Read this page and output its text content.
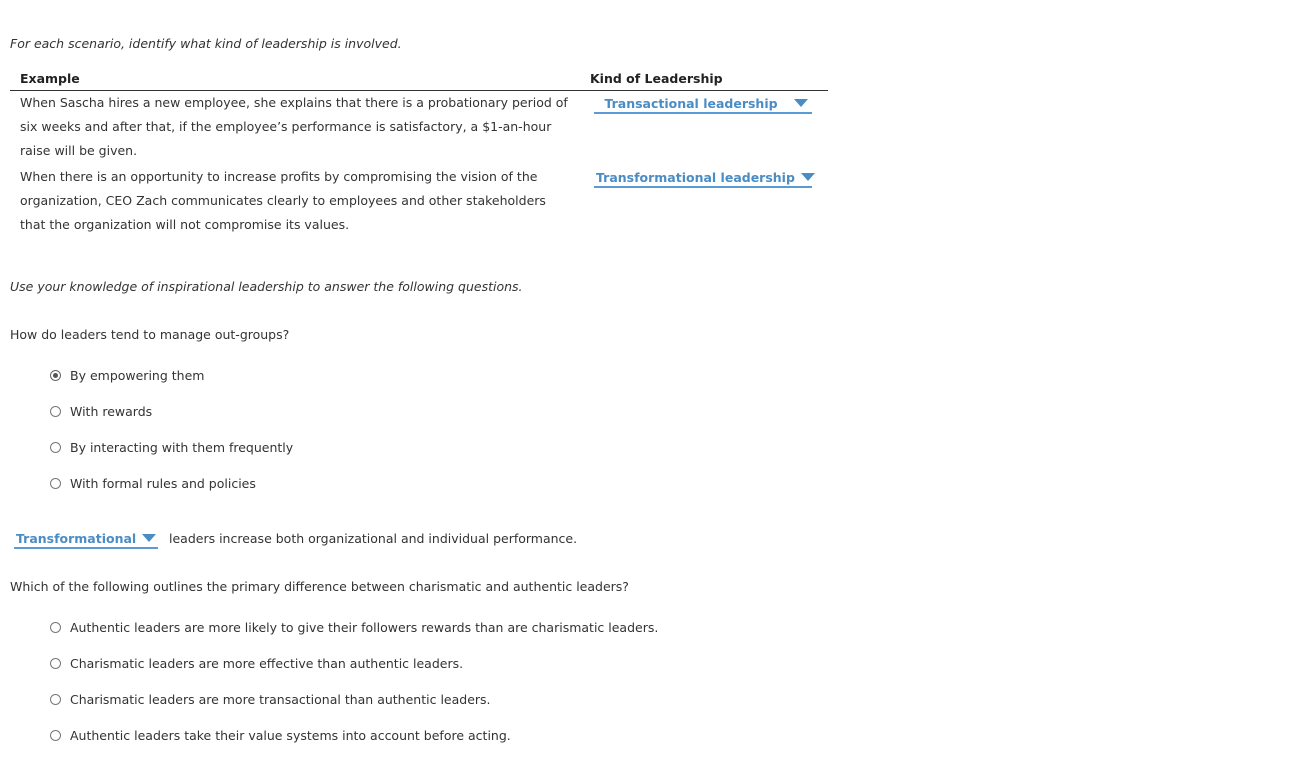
For each scenario, identify what kind of leadership is involved.
Example	Kind of Leadership
When Sascha hires a new employee, she explains that there is a probationary period of six weeks and after that, if the employee’s performance is satisfactory, a $1-an-hour raise will be given.
Transactional leadership
When there is an opportunity to increase profits by compromising the vision of the organization, CEO Zach communicates clearly to employees and other stakeholders that the organization will not compromise its values.
Transformational leadership
Use your knowledge of inspirational leadership to answer the following questions.
How do leaders tend to manage out-groups?
By empowering them
With rewards
By interacting with them frequently
With formal rules and policies
Transformational	leaders increase both organizational and individual performance.
Which of the following outlines the primary difference between charismatic and authentic leaders?
Authentic leaders are more likely to give their followers rewards than are charismatic leaders.
Charismatic leaders are more effective than authentic leaders.
Charismatic leaders are more transactional than authentic leaders.
Authentic leaders take their value systems into account before acting.
